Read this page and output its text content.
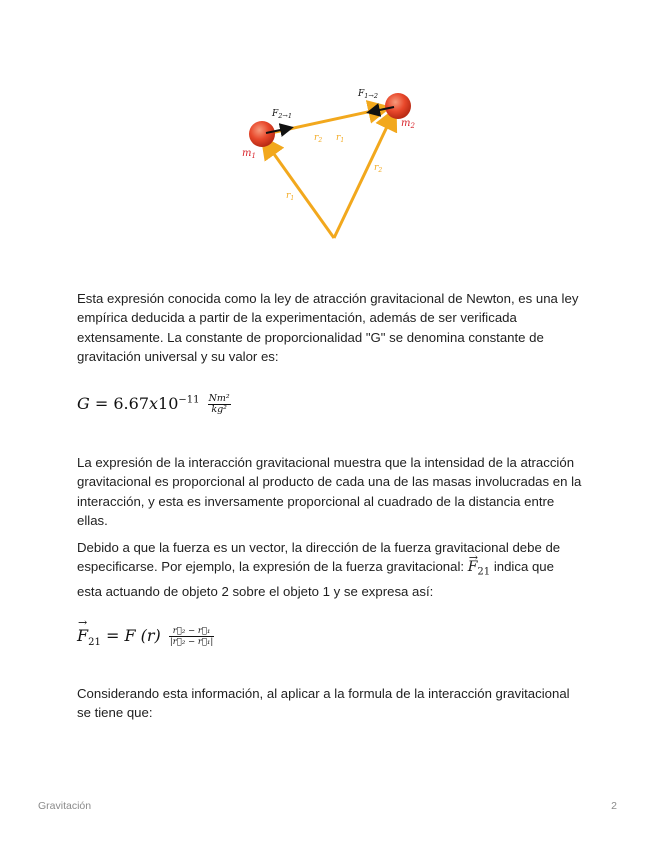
$m_1$
$m_2$
$F_{2\to 1}$
$F_{1\to 2}$
$r_2$ $r_1$
$r_1$
$r_2$

Esta expresión conocida como la ley de atracción gravitacional de Newton, es una ley empírica deducida a partir de la experimentación, además de ser verificada extensamente. La constante de proporcionalidad "G" se denomina constante de gravitación universal y su valor es:

$G = 6.67x10^{-11} \frac{\text{Nm²}}{\text{kg²}}$

La expresión de la interacción gravitacional muestra que la intensidad de la atracción gravitacional es proporcional al producto de cada una de las masas involucradas en la interacción, y esta es inversamente proporcional al cuadrado de la distancia entre ellas.

Debido a que la fuerza es un vector, la dirección de la fuerza gravitacional debe de especificarse. Por ejemplo, la expresión de la fuerza gravitacional: → $F_{21}$ indica que esta actuando de objeto 2 sobre el objeto 1 y se expresa así:

→ $F_{21} = F$ $(r) \frac{\text{r⃗₂ − r⃗₁}}{\text{|r⃗₂ − r⃗₁|}}$

Considerando esta información, al aplicar a la formula de la interacción gravitacional se tiene que:

Gravitación	2
